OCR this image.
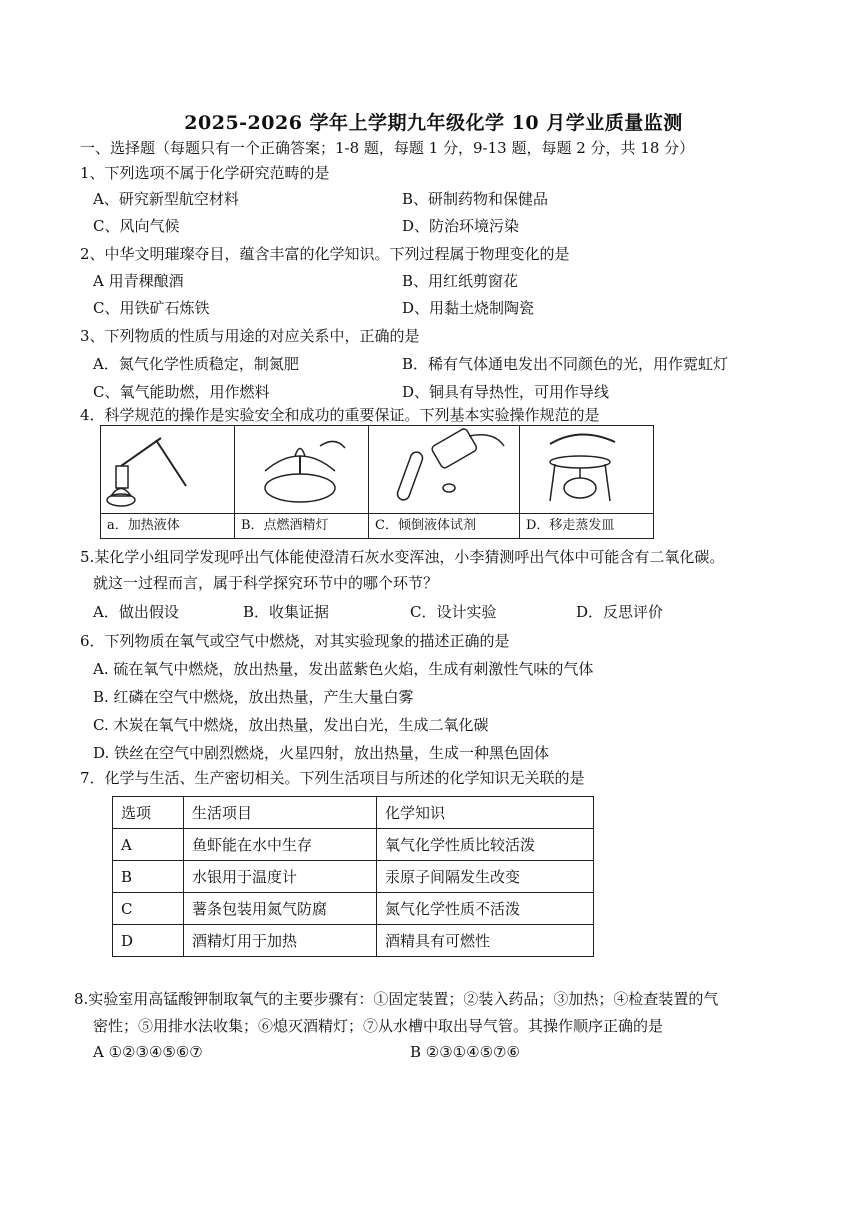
2025-2026 学年上学期九年级化学 10 月学业质量监测
一、选择题（每题只有一个正确答案；1-8 题，每题 1 分，9-13 题，每题 2 分，共 18 分）
1、下列选项不属于化学研究范畴的是
A、研究新型航空材料	B、研制药物和保健品
C、风向气候	D、防治环境污染
2、中华文明璀璨夺目，蕴含丰富的化学知识。下列过程属于物理变化的是
A 用青稞酿酒	B、用红纸剪窗花
C、用铁矿石炼铁	D、用黏土烧制陶瓷
3、下列物质的性质与用途的对应关系中，正确的是
A．氮气化学性质稳定，制氮肥	B．稀有气体通电发出不同颜色的光，用作霓虹灯
C、氧气能助燃，用作燃料	D、铜具有导热性，可用作导线
4．科学规范的操作是实验安全和成功的重要保证。下列基本实验操作规范的是
a．加热液体	B．点燃酒精灯	C．倾倒液体试剂	D．移走蒸发皿
5.某化学小组同学发现呼出气体能使澄清石灰水变浑浊，小李猜测呼出气体中可能含有二氧化碳。
就这一过程而言，属于科学探究环节中的哪个环节？
A．做出假设	B．收集证据	C．设计实验	D．反思评价
6．下列物质在氧气或空气中燃烧，对其实验现象的描述正确的是
A. 硫在氧气中燃烧，放出热量，发出蓝紫色火焰，生成有刺激性气味的气体
B. 红磷在空气中燃烧，放出热量，产生大量白雾
C. 木炭在氧气中燃烧，放出热量，发出白光，生成二氧化碳
D. 铁丝在空气中剧烈燃烧，火星四射，放出热量，生成一种黑色固体
7．化学与生活、生产密切相关。下列生活项目与所述的化学知识无关联的是
选项	生活项目	化学知识
A	鱼虾能在水中生存	氧气化学性质比较活泼
B	水银用于温度计	汞原子间隔发生改变
C	薯条包装用氮气防腐	氮气化学性质不活泼
D	酒精灯用于加热	酒精具有可燃性
8.实验室用高锰酸钾制取氧气的主要步骤有：①固定装置；②装入药品；③加热；④检查装置的气
密性；⑤用排水法收集；⑥熄灭酒精灯；⑦从水槽中取出导气管。其操作顺序正确的是
A ①②③④⑤⑥⑦	B ②③①④⑤⑦⑥
